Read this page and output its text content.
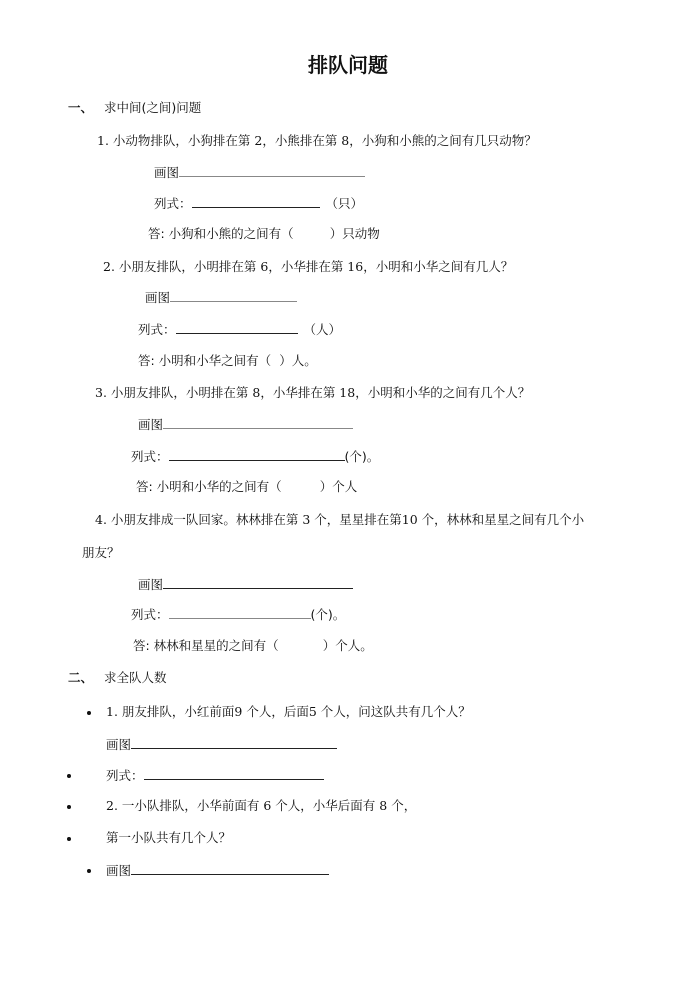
排队问题
一、 求中间(之间)问题
1. 小动物排队，小狗排在第 2，小熊排在第 8，小狗和小熊的之间有几只动物？
画图
列式：	（只）
答: 小狗和小熊的之间有（	）只动物
2. 小朋友排队，小明排在第 6，小华排在第 16，小明和小华之间有几人？
画图
列式：	（人）
答: 小明和小华之间有（ ）人。
3. 小朋友排队，小明排在第 8，小华排在第 18，小明和小华的之间有几个人？
画图
列式：	(个)。
答: 小明和小华的之间有（	）个人
4. 小朋友排成一队回家。林林排在第 3 个，星星排在第10 个，林林和星星之间有几个小
朋友？
画图
列式：	(个)。
答: 林林和星星的之间有（	）个人。
二、 求全队人数
1. 朋友排队，小红前面9 个人，后面5 个人，问这队共有几个人？
画图
列式：
2. 一小队排队，小华前面有 6 个人，小华后面有 8 个，
第一小队共有几个人？
画图
